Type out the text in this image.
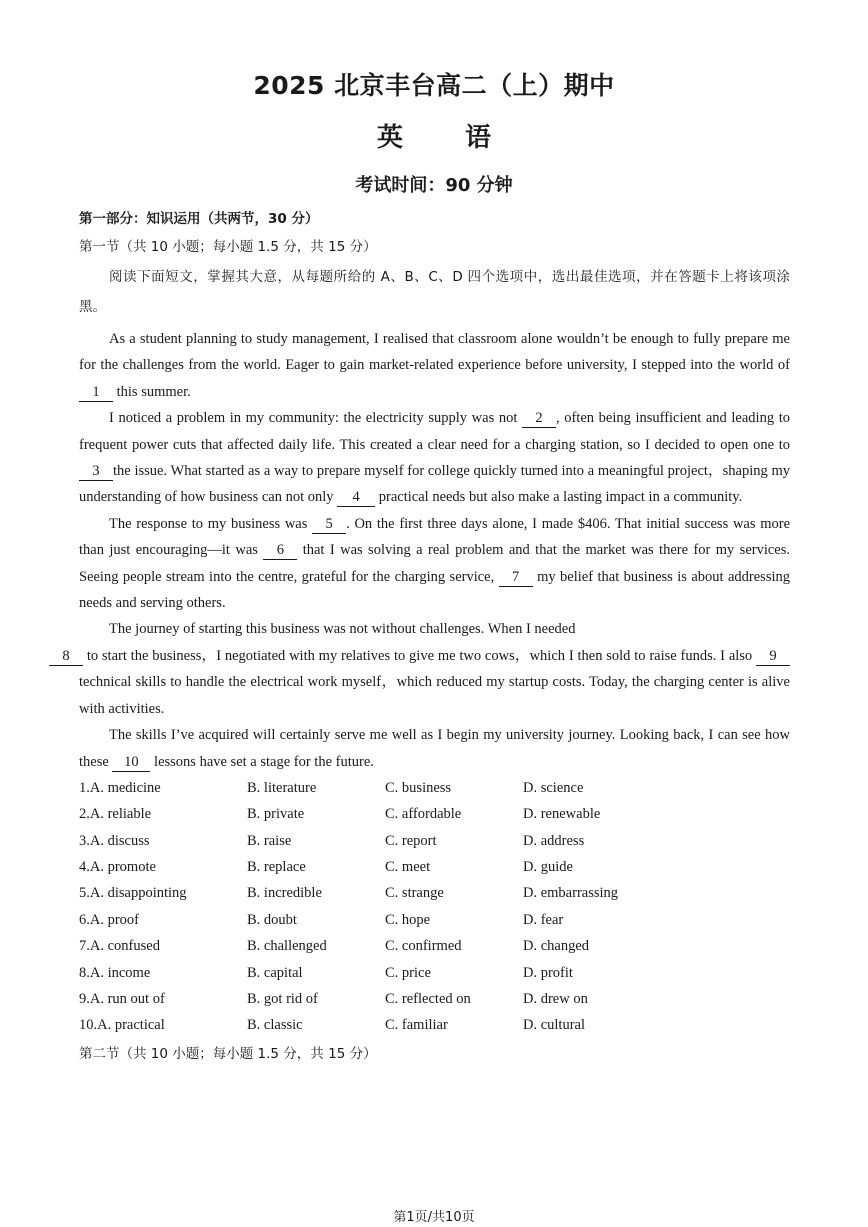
2025 北京丰台高二（上）期中
英 语
考试时间：90 分钟
第一部分：知识运用（共两节，30 分）
第一节（共 10 小题；每小题 1.5 分，共 15 分）

阅读下面短文，掌握其大意，从每题所给的 A、B、C、D 四个选项中，选出最佳选项，并在答题卡上将该项涂黑。

As a student planning to study management, I realised that classroom alone wouldn’t be enough to fully prepare me for the challenges from the world. Eager to gain market-related experience before university, I stepped into the world of 1 this summer.

I noticed a problem in my community: the electricity supply was not 2 , often being insufficient and leading to frequent power cuts that affected daily life. This created a clear need for a charging station, so I decided to open one to 3 the issue. What started as a way to prepare myself for college quickly turned into a meaningful project，shaping my understanding of how business can not only 4 practical needs but also make a lasting impact in a community.

The response to my business was 5 . On the first three days alone, I made $406. That initial success was more than just encouraging—it was 6 that I was solving a real problem and that the market was there for my services. Seeing people stream into the centre, grateful for the charging service, 7 my belief that business is about addressing needs and serving others.

The journey of starting this business was not without challenges. When I needed
8 to start the business，I negotiated with my relatives to give me two cows，which I then sold to raise funds. I also 9 technical skills to handle the electrical work myself，which reduced my startup costs. Today, the charging center is alive with activities.

The skills I’ve acquired will certainly serve me well as I begin my university journey. Looking back, I can see how these 10 lessons have set a stage for the future.

1.A. medicine	B. literature	C. business	D. science
2.A. reliable	B. private	C. affordable	D. renewable
3.A. discuss	B. raise	C. report	D. address
4.A. promote	B. replace	C. meet	D. guide
5.A. disappointing	B. incredible	C. strange	D. embarrassing
6.A. proof	B. doubt	C. hope	D. fear
7.A. confused	B. challenged	C. confirmed	D. changed
8.A. income	B. capital	C. price	D. profit
9.A. run out of	B. got rid of	C. reflected on	D. drew on
10.A. practical	B. classic	C. familiar	D. cultural
第二节（共 10 小题；每小题 1.5 分，共 15 分）
第1页/共10页
